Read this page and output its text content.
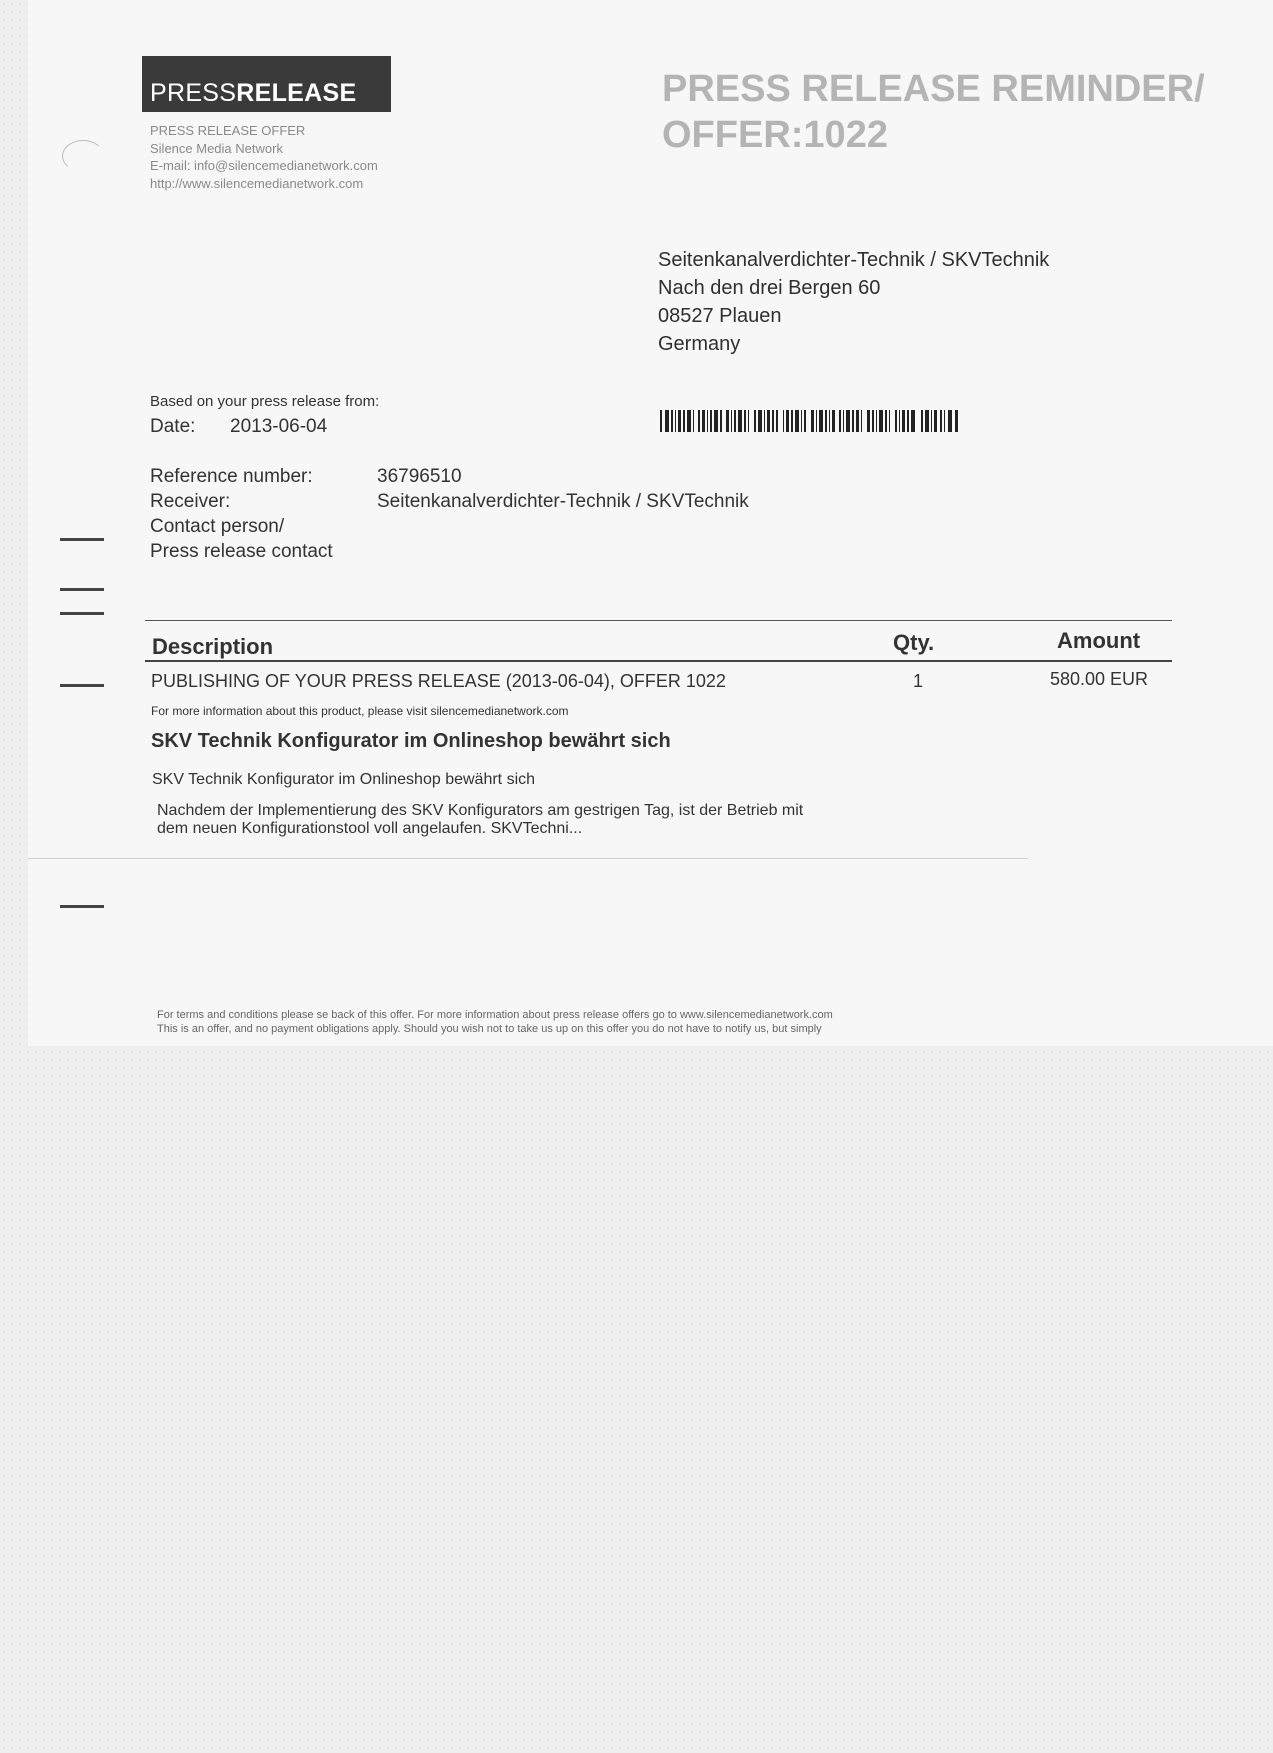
PRESS RELEASE
PRESS RELEASE OFFER
Silence Media Network
E-mail: info@silencemedianetwork.com
http://www.silencemedianetwork.com
PRESS RELEASE REMINDER/
OFFER:1022
Seitenkanalverdichter-Technik / SKVTechnik
Nach den drei Bergen 60
08527 Plauen
Germany
Based on your press release from:
Date: 2013-06-04
Reference number:	36796510
Receiver:	Seitenkanalverdichter-Technik / SKVTechnik
Contact person/
Press release contact
Description	Qty.	Amount
PUBLISHING OF YOUR PRESS RELEASE (2013-06-04), OFFER 1022	1	580.00 EUR
For more information about this product, please visit silencemedianetwork.com
SKV Technik Konfigurator im Onlineshop bewährt sich
SKV Technik Konfigurator im Onlineshop bewährt sich
Nachdem der Implementierung des SKV Konfigurators am gestrigen Tag, ist der Betrieb mit
dem neuen Konfigurationstool voll angelaufen. SKVTechni...
For terms and conditions please se back of this offer. For more information about press release offers go to www.silencemedianetwork.com
This is an offer, and no payment obligations apply. Should you wish not to take us up on this offer you do not have to notify us, but simply
